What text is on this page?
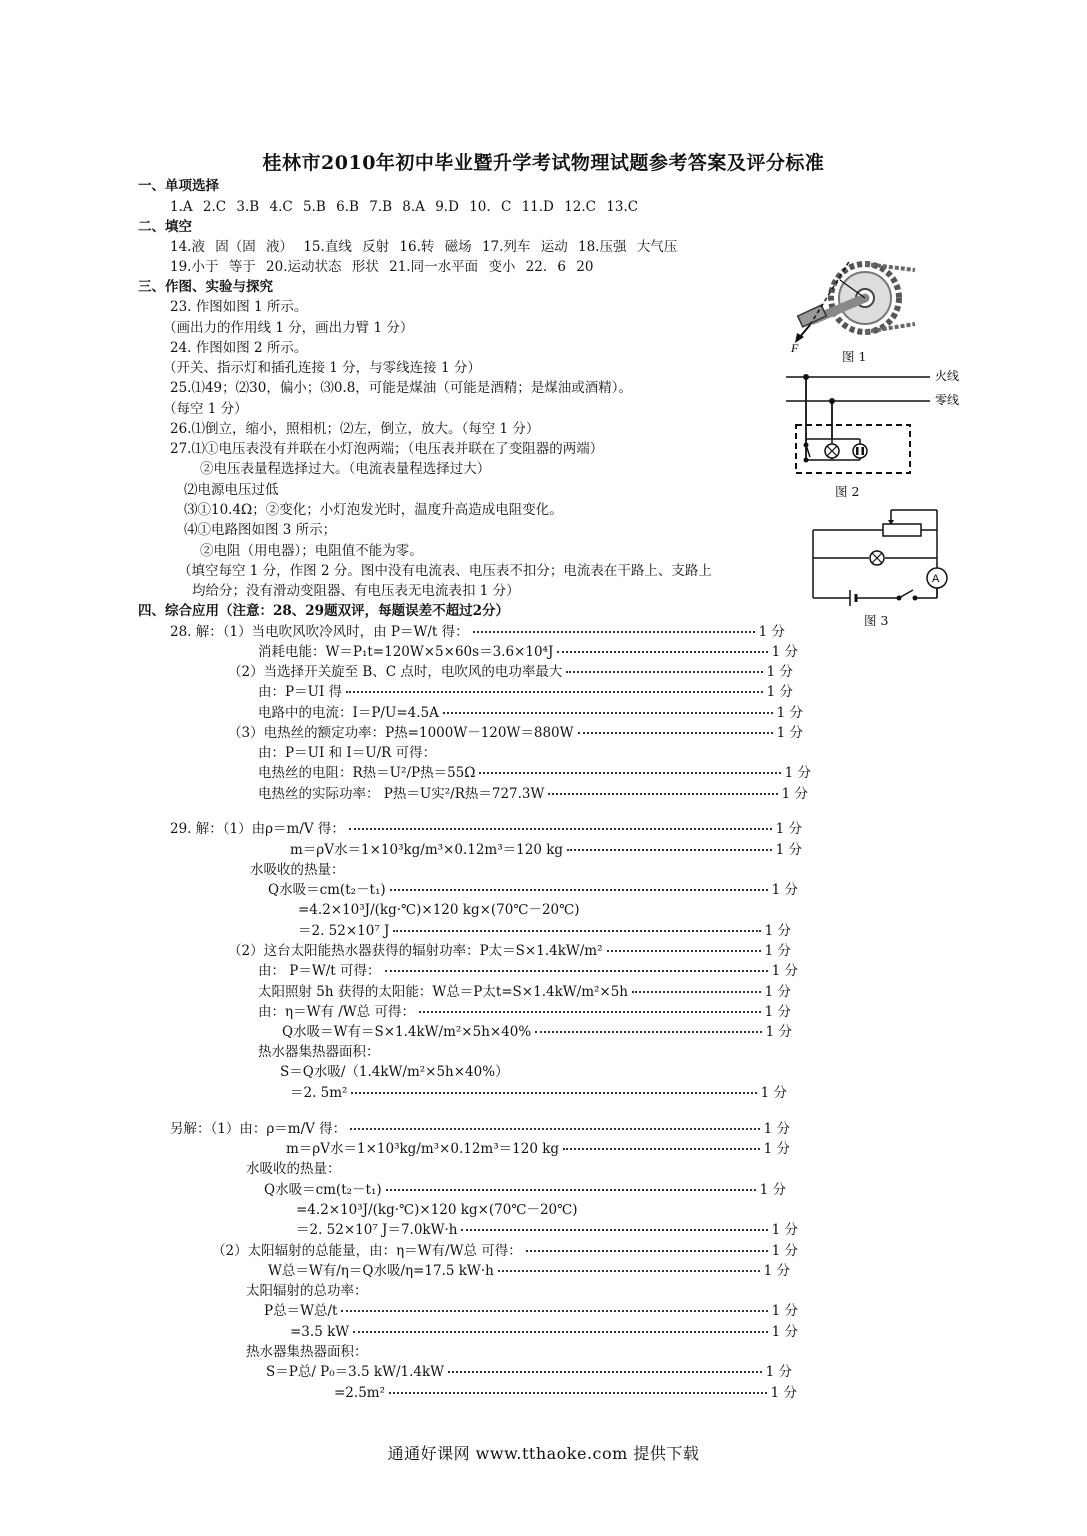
桂林市2010年初中毕业暨升学考试物理试题参考答案及评分标准
一、单项选择
1.A 2.C 3.B 4.C 5.B 6.B 7.B 8.A 9.D 10. C 11.D 12.C 13.C
二、填空
14.液 固（固 液） 15.直线 反射 16.转 磁场 17.列车 运动 18.压强 大气压
19.小于 等于 20.运动状态 形状 21.同一水平面 变小 22. 6 20
三、作图、实验与探究
23. 作图如图 1 所示。
（画出力的作用线 1 分，画出力臂 1 分）
24. 作图如图 2 所示。
（开关、指示灯和插孔连接 1 分，与零线连接 1 分）
25.⑴49；⑵30，偏小；⑶0.8，可能是煤油（可能是酒精；是煤油或酒精）。
（每空 1 分）
26.⑴倒立，缩小，照相机；⑵左，倒立，放大。（每空 1 分）
27.⑴①电压表没有并联在小灯泡两端；（电压表并联在了变阻器的两端）
②电压表量程选择过大。（电流表量程选择过大）
⑵电源电压过低
⑶①10.4Ω；②变化；小灯泡发光时，温度升高造成电阻变化。
⑷①电路图如图 3 所示；
②电阻（用电器）；电阻值不能为零。
（填空每空 1 分，作图 2 分。图中没有电流表、电压表不扣分；电流表在干路上、支路上
均给分；没有滑动变阻器、有电压表无电流表扣 1 分）
四、综合应用（注意：28、29题双评，每题误差不超过2分）
28. 解：（1）当电吹风吹冷风时，由 P＝W/t 得：	1 分
消耗电能：W＝P₁t=120W×5×60s＝3.6×10⁴J	1 分
（2）当选择开关旋至 B、C 点时，电吹风的电功率最大	1 分
由：P＝UI 得	1 分
电路中的电流：I＝P/U=4.5A	1 分
（3）电热丝的额定功率：P热=1000W－120W＝880W	1 分
由：P＝UI 和 I＝U/R 可得：
电热丝的电阻：R热＝U²/P热＝55Ω	1 分
电热丝的实际功率： P热＝U实²/R热＝727.3W	1 分
29. 解：（1）由ρ＝m/V 得：	1 分
m＝ρV水＝1×10³kg/m³×0.12m³＝120 kg	1 分
水吸收的热量：
Q水吸＝cm(t₂－t₁)	1 分
=4.2×10³J/(kg·℃)×120 kg×(70℃－20℃)
＝2. 52×10⁷ J	1 分
（2）这台太阳能热水器获得的辐射功率：P太＝S×1.4kW/m²	1 分
由： P＝W/t 可得：	1 分
太阳照射 5h 获得的太阳能：W总＝P太t=S×1.4kW/m²×5h	1 分
由：η＝W有 /W总 可得：	1 分
Q水吸＝W有＝S×1.4kW/m²×5h×40%	1 分
热水器集热器面积：
S＝Q水吸/（1.4kW/m²×5h×40%）
＝2. 5m²	1 分
另解：（1）由：ρ＝m/V 得：	1 分
m＝ρV水＝1×10³kg/m³×0.12m³＝120 kg	1 分
水吸收的热量：
Q水吸＝cm(t₂－t₁)	1 分
=4.2×10³J/(kg·℃)×120 kg×(70℃－20℃)
＝2. 52×10⁷ J＝7.0kW·h	1 分
（2）太阳辐射的总能量，由：η＝W有/W总 可得：	1 分
W总＝W有/η＝Q水吸/η=17.5 kW·h	1 分
太阳辐射的总功率：
P总＝W总/t	1 分
=3.5 kW	1 分
热水器集热器面积：
S＝P总/ P₀＝3.5 kW/1.4kW	1 分
=2.5m²	1 分
F
图 1
火线
零线
图 2
A
图 3
通通好课网 www.tthaoke.com 提供下载
